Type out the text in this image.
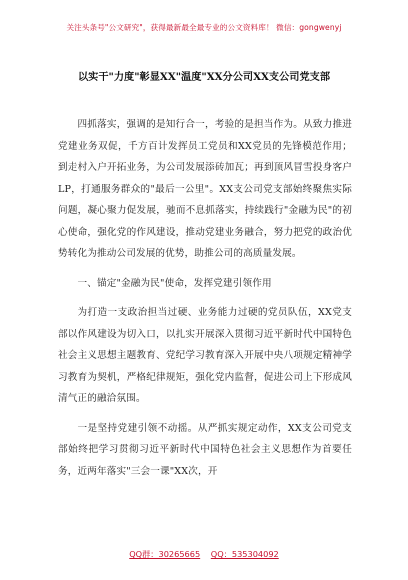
关注头条号"公文研究"，获得最新最全最专业的公文资料库！ 微信：gongwenyj
以实干"力度"彰显XX"温度"XX分公司XX支公司党支部

四抓落实，强调的是知行合一，考验的是担当作为。从致力推进党建业务双促，千方百计发挥员工党员和XX党员的先锋模范作用；到走村入户开拓业务，为公司发展添砖加瓦；再到顶风冒雪投身客户LP，打通服务群众的"最后一公里"。XX支公司党支部始终聚焦实际问题，凝心聚力促发展，驰而不息抓落实，持续践行"金融为民"的初心使命，强化党的作风建设，推动党建业务融合，努力把党的政治优势转化为推动公司发展的优势，助推公司的高质量发展。

一、锚定"金融为民"使命，发挥党建引领作用

为打造一支政治担当过硬、业务能力过硬的党员队伍，XX党支部以作风建设为切入口，以扎实开展深入贯彻习近平新时代中国特色社会主义思想主题教育、党纪学习教育深入开展中央八项规定精神学习教育为契机，严格纪律规矩，强化党内监督，促进公司上下形成风清气正的融洽氛围。

一是坚持党建引领不动摇。从严抓实规定动作，XX支公司党支部始终把学习贯彻习近平新时代中国特色社会主义思想作为首要任务，近两年落实"三会一课"XX次，开

QQ群：30265665 QQ：535304092
